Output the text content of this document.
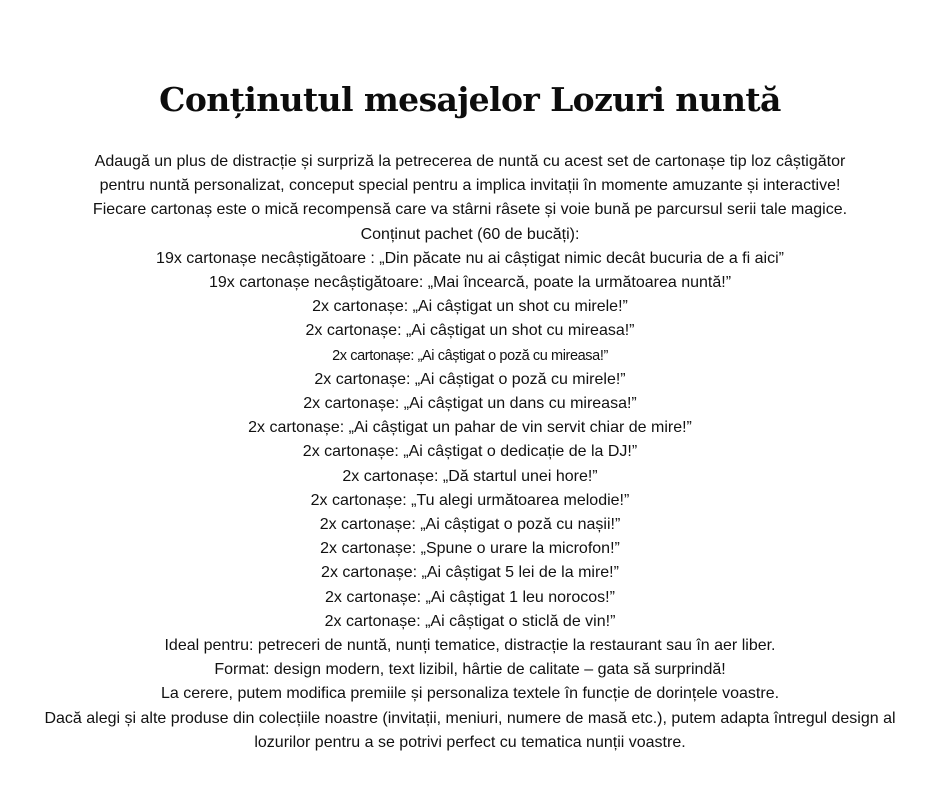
Conținutul mesajelor Lozuri nuntă

Adaugă un plus de distracție și surpriză la petrecerea de nuntă cu acest set de cartonașe tip loz câștigător

pentru nuntă personalizat, conceput special pentru a implica invitații în momente amuzante și interactive!

Fiecare cartonaș este o mică recompensă care va stârni râsete și voie bună pe parcursul serii tale magice.

Conținut pachet (60 de bucăți):

19x cartonașe necâștigătoare : „Din păcate nu ai câștigat nimic decât bucuria de a fi aici”

19x cartonașe necâștigătoare: „Mai încearcă, poate la următoarea nuntă!”

2x cartonașe: „Ai câștigat un shot cu mirele!”

2x cartonașe: „Ai câștigat un shot cu mireasa!”

2x cartonașe: „Ai câștigat o poză cu mireasa!”

2x cartonașe: „Ai câștigat o poză cu mirele!”

2x cartonașe: „Ai câștigat un dans cu mireasa!”

2x cartonașe: „Ai câștigat un pahar de vin servit chiar de mire!”

2x cartonașe: „Ai câștigat o dedicație de la DJ!”

2x cartonașe: „Dă startul unei hore!”

2x cartonașe: „Tu alegi următoarea melodie!”

2x cartonașe: „Ai câștigat o poză cu nașii!”

2x cartonașe: „Spune o urare la microfon!”

2x cartonașe: „Ai câștigat 5 lei de la mire!”

2x cartonașe: „Ai câștigat 1 leu norocos!”

2x cartonașe: „Ai câștigat o sticlă de vin!”

Ideal pentru: petreceri de nuntă, nunți tematice, distracție la restaurant sau în aer liber.

Format: design modern, text lizibil, hârtie de calitate – gata să surprindă!

La cerere, putem modifica premiile și personaliza textele în funcție de dorințele voastre.

Dacă alegi și alte produse din colecțiile noastre (invitații, meniuri, numere de masă etc.), putem adapta întregul design al lozurilor pentru a se potrivi perfect cu tematica nunții voastre.
